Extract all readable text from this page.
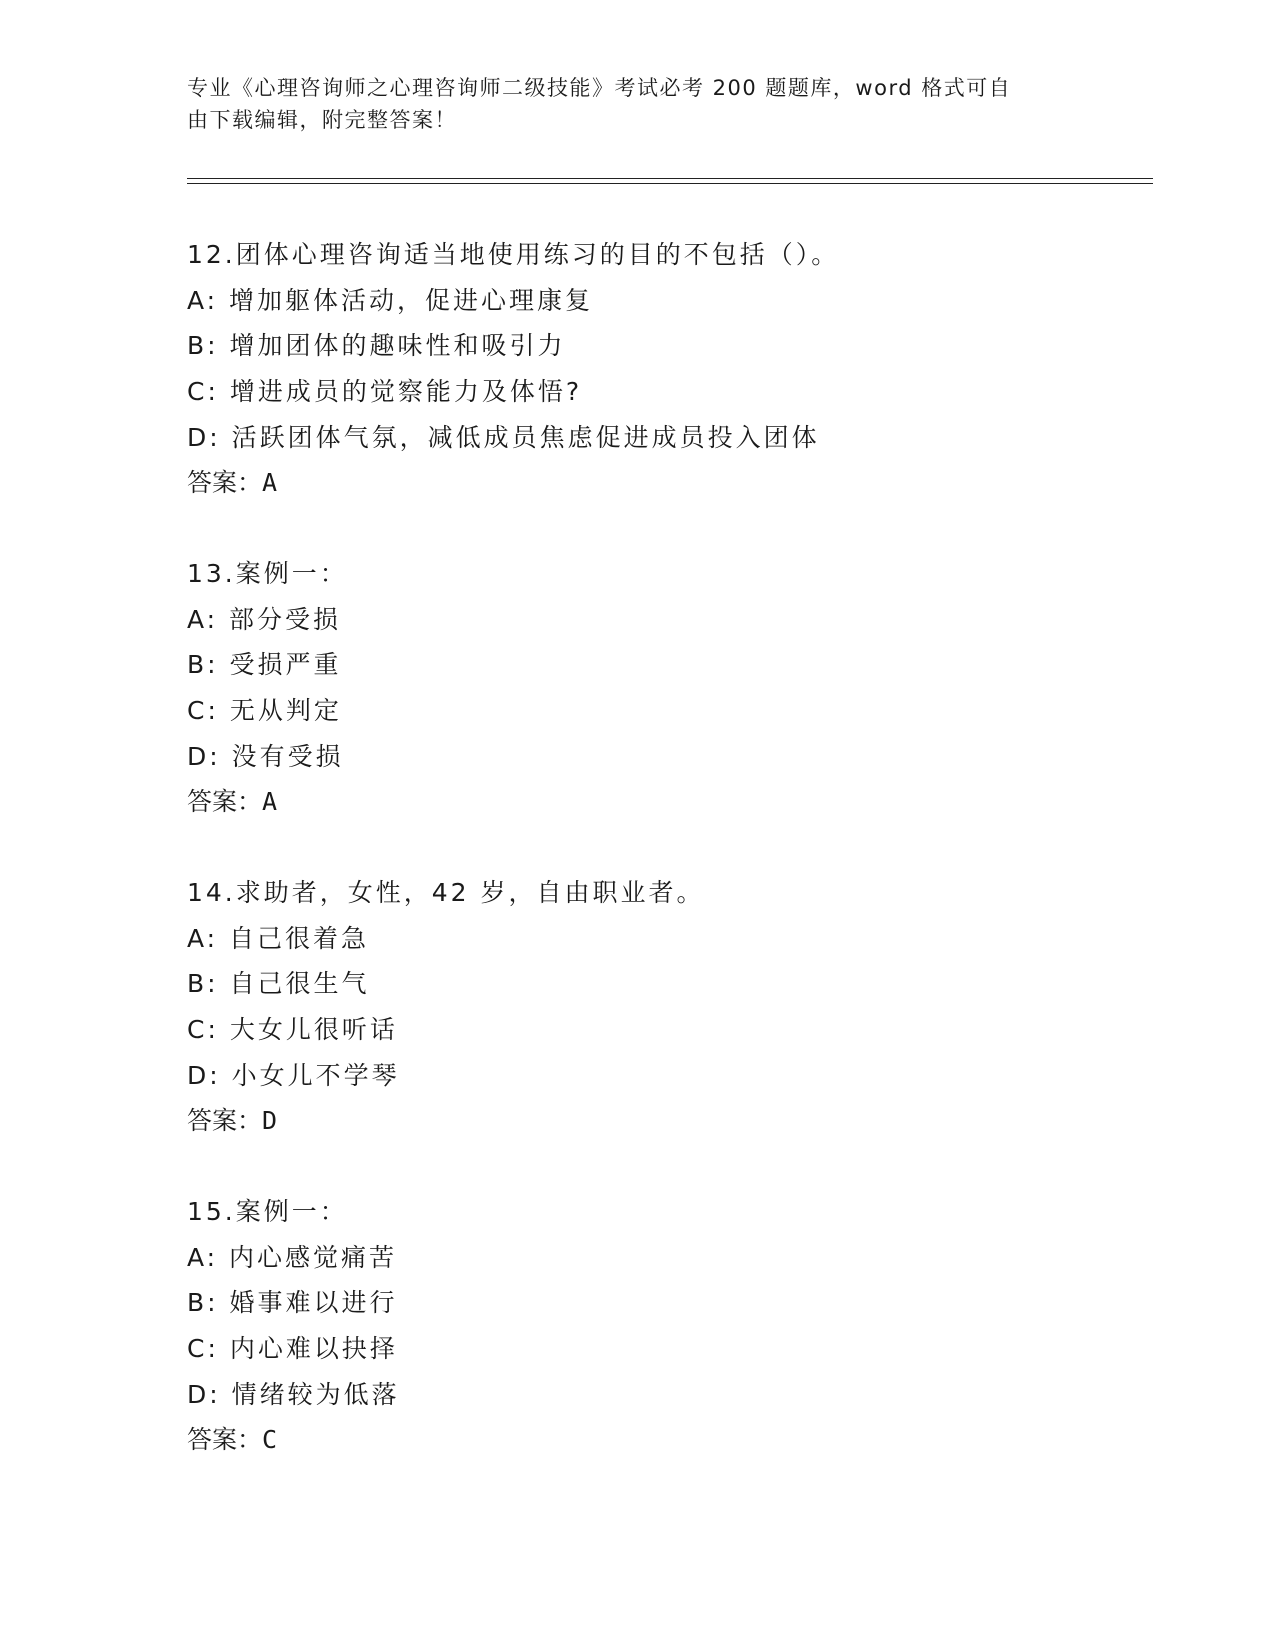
专业《心理咨询师之心理咨询师二级技能》考试必考 200 题题库，word 格式可自
由下载编辑，附完整答案！
12.团体心理咨询适当地使用练习的目的不包括（）。
A: 增加躯体活动，促进心理康复
B: 增加团体的趣味性和吸引力
C: 增进成员的觉察能力及体悟?
D: 活跃团体气氛，减低成员焦虑促进成员投入团体
答案：A
13.案例一：
A: 部分受损
B: 受损严重
C: 无从判定
D: 没有受损
答案：A
14.求助者，女性，42 岁，自由职业者。
A: 自己很着急
B: 自己很生气
C: 大女儿很听话
D: 小女儿不学琴
答案：D
15.案例一：
A: 内心感觉痛苦
B: 婚事难以进行
C: 内心难以抉择
D: 情绪较为低落
答案：C
